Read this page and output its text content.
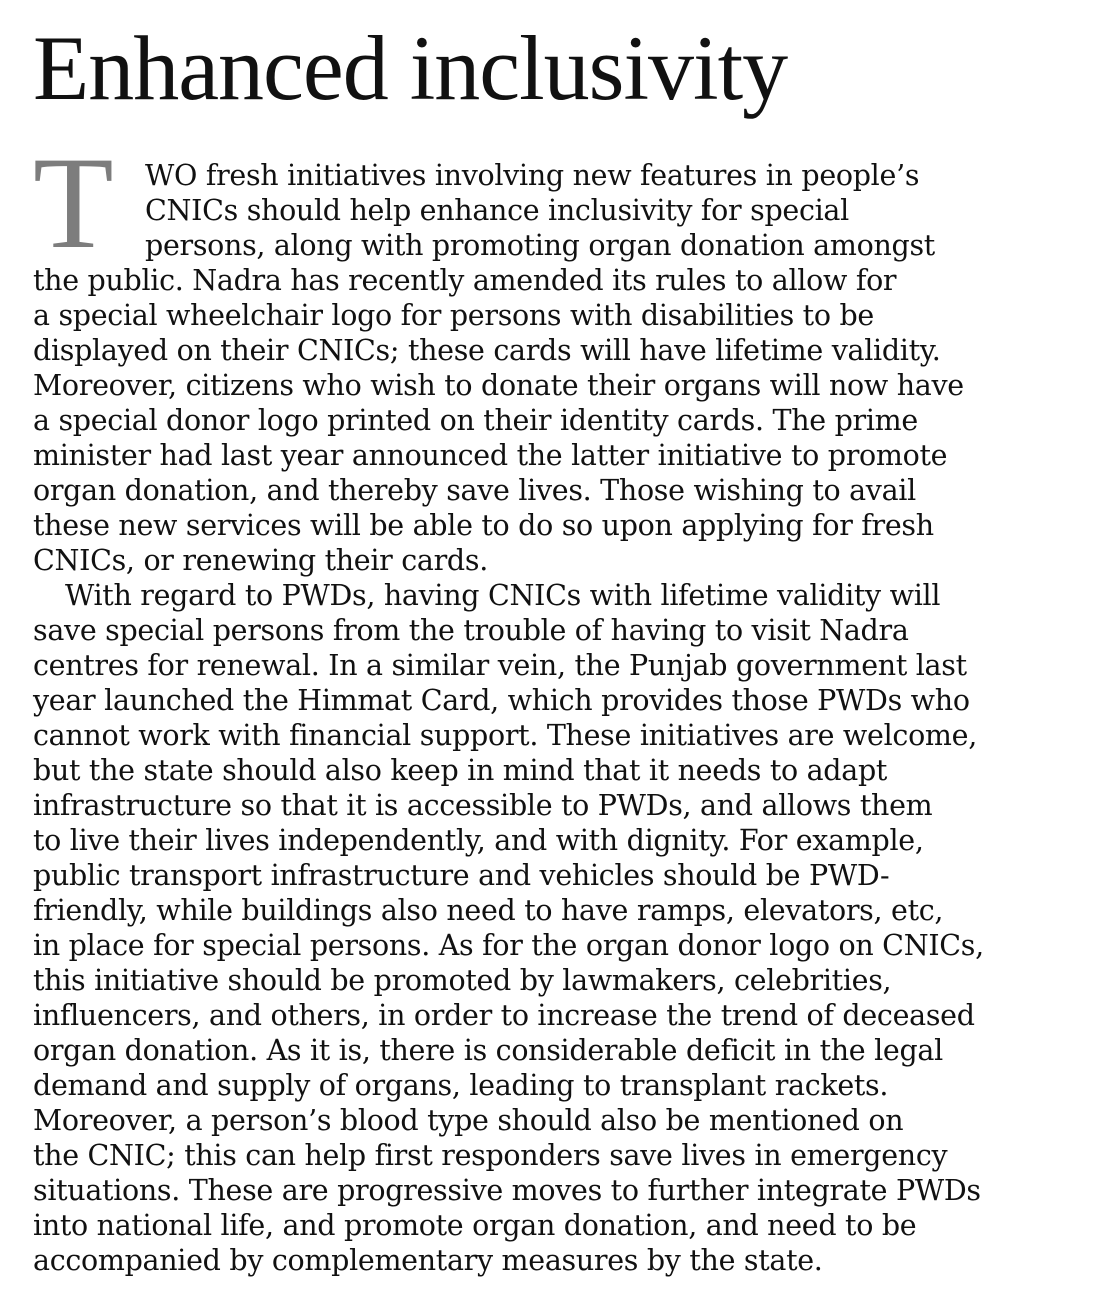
Enhanced inclusivity
T	WO fresh initiatives involving new features in people’s
CNICs should help enhance inclusivity for special
persons, along with promoting organ donation amongst
the public. Nadra has recently amended its rules to allow for
a special wheelchair logo for persons with disabilities to be
displayed on their CNICs; these cards will have lifetime validity.
Moreover, citizens who wish to donate their organs will now have
a special donor logo printed on their identity cards. The prime
minister had last year announced the latter initiative to promote
organ donation, and thereby save lives. Those wishing to avail
these new services will be able to do so upon applying for fresh
CNICs, or renewing their cards.
With regard to PWDs, having CNICs with lifetime validity will
save special persons from the trouble of having to visit Nadra
centres for renewal. In a similar vein, the Punjab government last
year launched the Himmat Card, which provides those PWDs who
cannot work with financial support. These initiatives are welcome,
but the state should also keep in mind that it needs to adapt
infrastructure so that it is accessible to PWDs, and allows them
to live their lives independently, and with dignity. For example,
public transport infrastructure and vehicles should be PWD-
friendly, while buildings also need to have ramps, elevators, etc,
in place for special persons. As for the organ donor logo on CNICs,
this initiative should be promoted by lawmakers, celebrities,
influencers, and others, in order to increase the trend of deceased
organ donation. As it is, there is considerable deficit in the legal
demand and supply of organs, leading to transplant rackets.
Moreover, a person’s blood type should also be mentioned on
the CNIC; this can help first responders save lives in emergency
situations. These are progressive moves to further integrate PWDs
into national life, and promote organ donation, and need to be
accompanied by complementary measures by the state.
